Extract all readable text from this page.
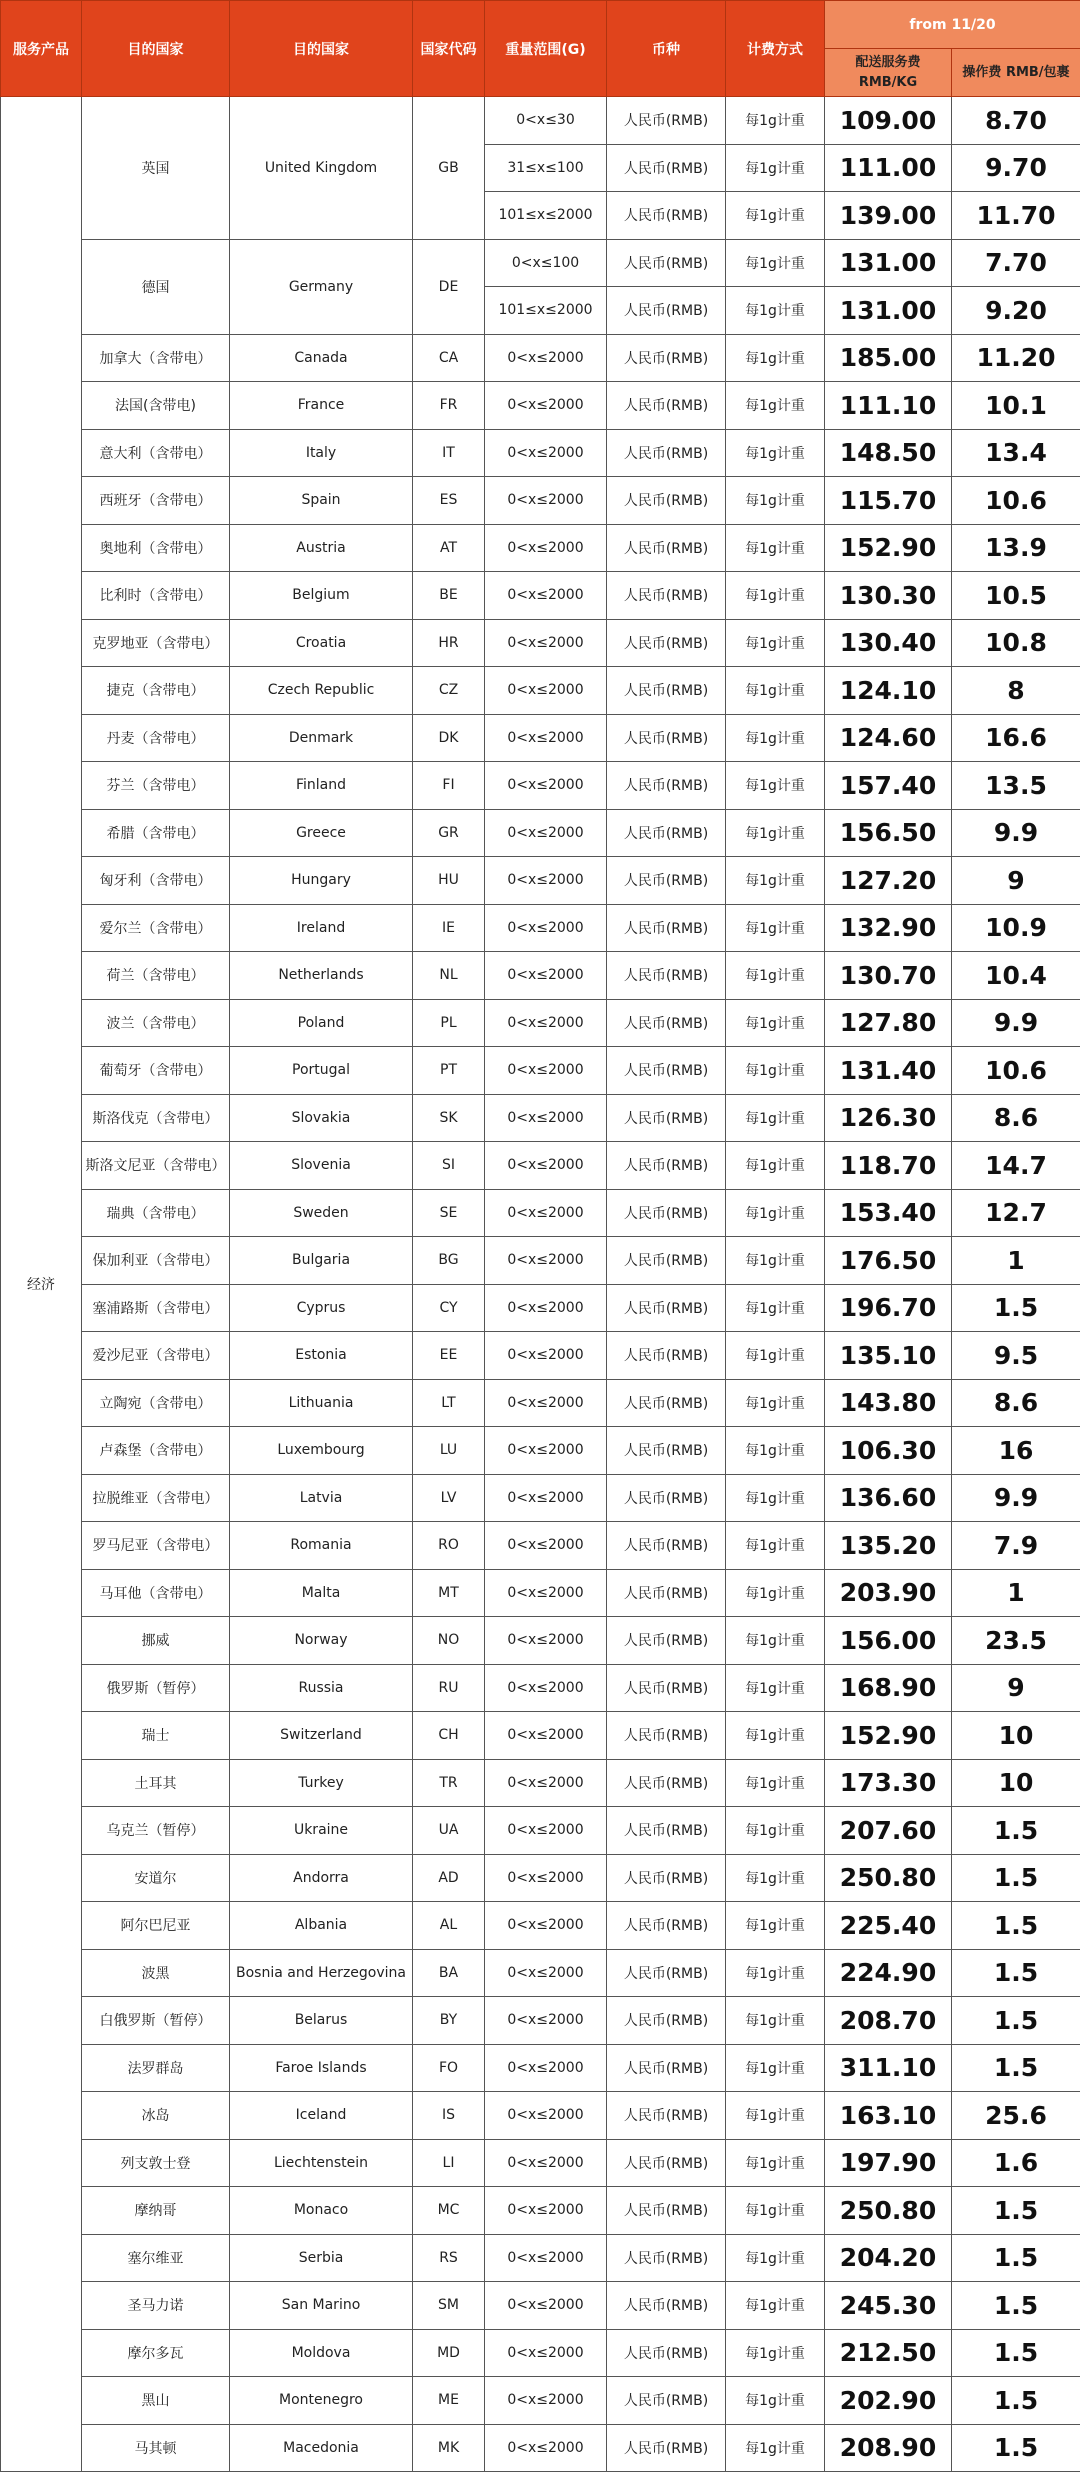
服务产品	目的国家	目的国家	国家代码	重量范围(G)	币种	计费方式	from 11/20	
							配送服务费 RMB/KG	操作费 RMB/包裹
经济	英国	United Kingdom	GB	0<x≤30	人民币(RMB)	每1g计重	109.00	8.70
				31≤x≤100	人民币(RMB)	每1g计重	111.00	9.70
				101≤x≤2000	人民币(RMB)	每1g计重	139.00	11.70
	德国	Germany	DE	0<x≤100	人民币(RMB)	每1g计重	131.00	7.70
				101≤x≤2000	人民币(RMB)	每1g计重	131.00	9.20
	加拿大（含带电）	Canada	CA	0<x≤2000	人民币(RMB)	每1g计重	185.00	11.20
	法国(含带电)	France	FR	0<x≤2000	人民币(RMB)	每1g计重	111.10	10.1
	意大利（含带电）	Italy	IT	0<x≤2000	人民币(RMB)	每1g计重	148.50	13.4
	西班牙（含带电）	Spain	ES	0<x≤2000	人民币(RMB)	每1g计重	115.70	10.6
	奥地利（含带电）	Austria	AT	0<x≤2000	人民币(RMB)	每1g计重	152.90	13.9
	比利时（含带电）	Belgium	BE	0<x≤2000	人民币(RMB)	每1g计重	130.30	10.5
	克罗地亚（含带电）	Croatia	HR	0<x≤2000	人民币(RMB)	每1g计重	130.40	10.8
	捷克（含带电）	Czech Republic	CZ	0<x≤2000	人民币(RMB)	每1g计重	124.10	8
	丹麦（含带电）	Denmark	DK	0<x≤2000	人民币(RMB)	每1g计重	124.60	16.6
	芬兰（含带电）	Finland	FI	0<x≤2000	人民币(RMB)	每1g计重	157.40	13.5
	希腊（含带电）	Greece	GR	0<x≤2000	人民币(RMB)	每1g计重	156.50	9.9
	匈牙利（含带电）	Hungary	HU	0<x≤2000	人民币(RMB)	每1g计重	127.20	9
	爱尔兰（含带电）	Ireland	IE	0<x≤2000	人民币(RMB)	每1g计重	132.90	10.9
	荷兰（含带电）	Netherlands	NL	0<x≤2000	人民币(RMB)	每1g计重	130.70	10.4
	波兰（含带电）	Poland	PL	0<x≤2000	人民币(RMB)	每1g计重	127.80	9.9
	葡萄牙（含带电）	Portugal	PT	0<x≤2000	人民币(RMB)	每1g计重	131.40	10.6
	斯洛伐克（含带电）	Slovakia	SK	0<x≤2000	人民币(RMB)	每1g计重	126.30	8.6
	斯洛文尼亚（含带电）	Slovenia	SI	0<x≤2000	人民币(RMB)	每1g计重	118.70	14.7
	瑞典（含带电）	Sweden	SE	0<x≤2000	人民币(RMB)	每1g计重	153.40	12.7
	保加利亚（含带电）	Bulgaria	BG	0<x≤2000	人民币(RMB)	每1g计重	176.50	1
	塞浦路斯（含带电）	Cyprus	CY	0<x≤2000	人民币(RMB)	每1g计重	196.70	1.5
	爱沙尼亚（含带电）	Estonia	EE	0<x≤2000	人民币(RMB)	每1g计重	135.10	9.5
	立陶宛（含带电）	Lithuania	LT	0<x≤2000	人民币(RMB)	每1g计重	143.80	8.6
	卢森堡（含带电）	Luxembourg	LU	0<x≤2000	人民币(RMB)	每1g计重	106.30	16
	拉脱维亚（含带电）	Latvia	LV	0<x≤2000	人民币(RMB)	每1g计重	136.60	9.9
	罗马尼亚（含带电）	Romania	RO	0<x≤2000	人民币(RMB)	每1g计重	135.20	7.9
	马耳他（含带电）	Malta	MT	0<x≤2000	人民币(RMB)	每1g计重	203.90	1
	挪威	Norway	NO	0<x≤2000	人民币(RMB)	每1g计重	156.00	23.5
	俄罗斯（暂停）	Russia	RU	0<x≤2000	人民币(RMB)	每1g计重	168.90	9
	瑞士	Switzerland	CH	0<x≤2000	人民币(RMB)	每1g计重	152.90	10
	土耳其	Turkey	TR	0<x≤2000	人民币(RMB)	每1g计重	173.30	10
	乌克兰（暂停）	Ukraine	UA	0<x≤2000	人民币(RMB)	每1g计重	207.60	1.5
	安道尔	Andorra	AD	0<x≤2000	人民币(RMB)	每1g计重	250.80	1.5
	阿尔巴尼亚	Albania	AL	0<x≤2000	人民币(RMB)	每1g计重	225.40	1.5
	波黑	Bosnia and Herzegovina	BA	0<x≤2000	人民币(RMB)	每1g计重	224.90	1.5
	白俄罗斯（暂停）	Belarus	BY	0<x≤2000	人民币(RMB)	每1g计重	208.70	1.5
	法罗群岛	Faroe Islands	FO	0<x≤2000	人民币(RMB)	每1g计重	311.10	1.5
	冰岛	Iceland	IS	0<x≤2000	人民币(RMB)	每1g计重	163.10	25.6
	列支敦士登	Liechtenstein	LI	0<x≤2000	人民币(RMB)	每1g计重	197.90	1.6
	摩纳哥	Monaco	MC	0<x≤2000	人民币(RMB)	每1g计重	250.80	1.5
	塞尔维亚	Serbia	RS	0<x≤2000	人民币(RMB)	每1g计重	204.20	1.5
	圣马力诺	San Marino	SM	0<x≤2000	人民币(RMB)	每1g计重	245.30	1.5
	摩尔多瓦	Moldova	MD	0<x≤2000	人民币(RMB)	每1g计重	212.50	1.5
	黑山	Montenegro	ME	0<x≤2000	人民币(RMB)	每1g计重	202.90	1.5
	马其顿	Macedonia	MK	0<x≤2000	人民币(RMB)	每1g计重	208.90	1.5
